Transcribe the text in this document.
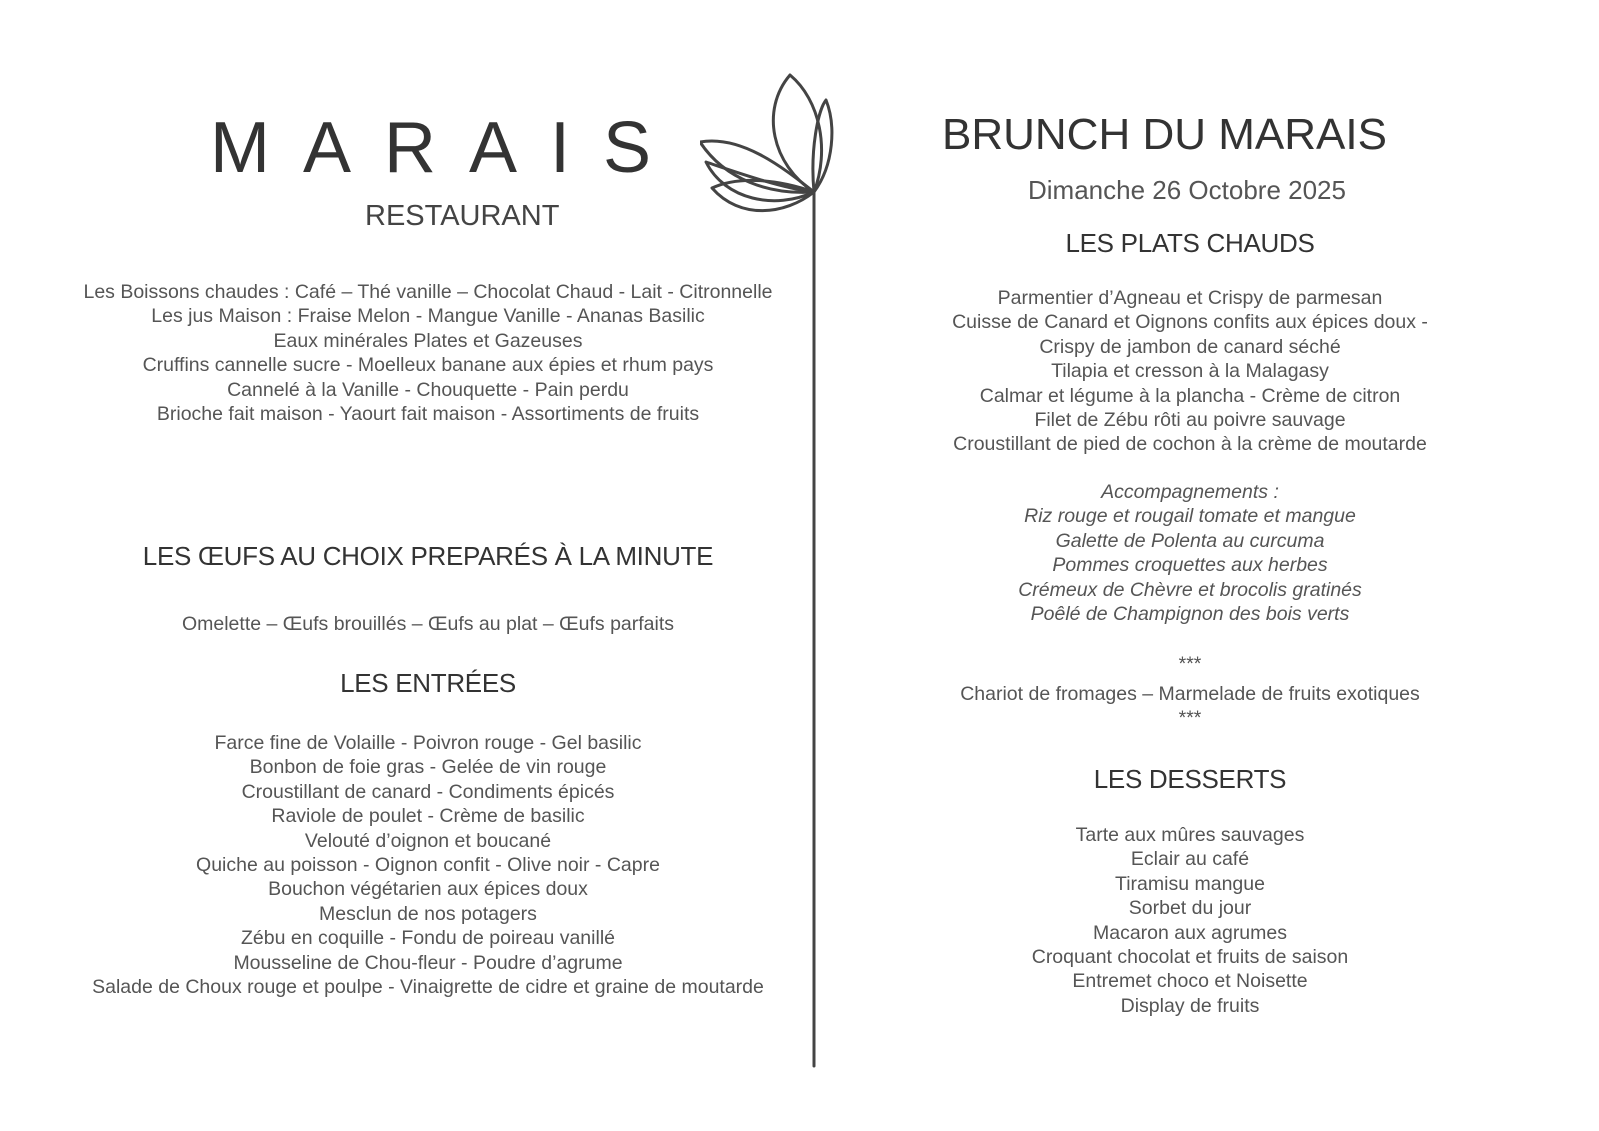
MARAIS
RESTAURANT
Les Boissons chaudes : Café – Thé vanille – Chocolat Chaud - Lait - Citronnelle
Les jus Maison : Fraise Melon - Mangue Vanille - Ananas Basilic
Eaux minérales Plates et Gazeuses
Cruffins cannelle sucre - Moelleux banane aux épies et rhum pays
Cannelé à la Vanille - Chouquette - Pain perdu
Brioche fait maison - Yaourt fait maison - Assortiments de fruits
LES ŒUFS AU CHOIX PREPARÉS À LA MINUTE
Omelette – Œufs brouillés – Œufs au plat – Œufs parfaits
LES ENTRÉES
Farce fine de Volaille - Poivron rouge - Gel basilic
Bonbon de foie gras - Gelée de vin rouge
Croustillant de canard - Condiments épicés
Raviole de poulet - Crème de basilic
Velouté d’oignon et boucané
Quiche au poisson - Oignon confit - Olive noir - Capre
Bouchon végétarien aux épices doux
Mesclun de nos potagers
Zébu en coquille - Fondu de poireau vanillé
Mousseline de Chou-fleur - Poudre d’agrume
Salade de Choux rouge et poulpe - Vinaigrette de cidre et graine de moutarde
BRUNCH DU MARAIS
Dimanche 26 Octobre 2025
LES PLATS CHAUDS
Parmentier d’Agneau et Crispy de parmesan
Cuisse de Canard et Oignons confits aux épices doux -
Crispy de jambon de canard séché
Tilapia et cresson à la Malagasy
Calmar et légume à la plancha - Crème de citron
Filet de Zébu rôti au poivre sauvage
Croustillant de pied de cochon à la crème de moutarde
Accompagnements :
Riz rouge et rougail tomate et mangue
Galette de Polenta au curcuma
Pommes croquettes aux herbes
Crémeux de Chèvre et brocolis gratinés
Poêlé de Champignon des bois verts
***
Chariot de fromages – Marmelade de fruits exotiques
***
LES DESSERTS
Tarte aux mûres sauvages
Eclair au café
Tiramisu mangue
Sorbet du jour
Macaron aux agrumes
Croquant chocolat et fruits de saison
Entremet choco et Noisette
Display de fruits
